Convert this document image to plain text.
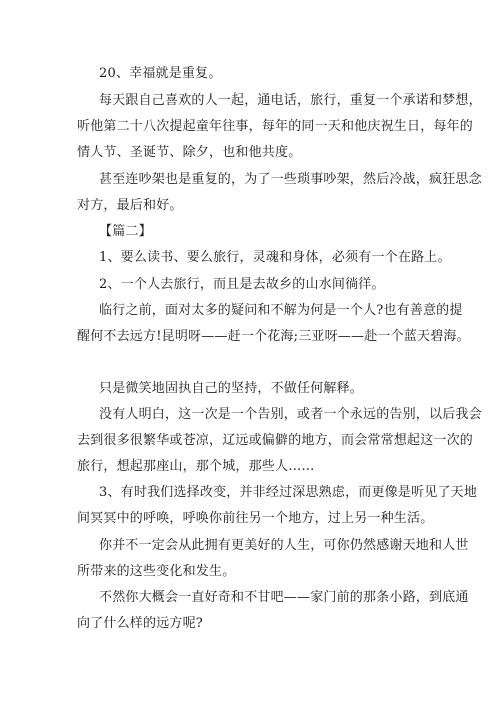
20、幸福就是重复。
每天跟自己喜欢的人一起，通电话，旅行，重复一个承诺和梦想，
听他第二十八次提起童年往事，每年的同一天和他庆祝生日，每年的
情人节、圣诞节、除夕，也和他共度。
甚至连吵架也是重复的，为了一些琐事吵架，然后冷战，疯狂思念
对方，最后和好。
【篇二】
1、要么读书、要么旅行，灵魂和身体，必须有一个在路上。
2、一个人去旅行，而且是去故乡的山水间徜徉。
临行之前，面对太多的疑问和不解为何是一个人?也有善意的提
醒何不去远方!昆明呀——赶一个花海;三亚呀——赴一个蓝天碧海。
只是微笑地固执自己的坚持，不做任何解释。
没有人明白，这一次是一个告别，或者一个永远的告别，以后我会
去到很多很繁华或苍凉，辽远或偏僻的地方，而会常常想起这一次的
旅行，想起那座山，那个城，那些人……
3、有时我们选择改变，并非经过深思熟虑，而更像是听见了天地
间冥冥中的呼唤，呼唤你前往另一个地方，过上另一种生活。
你并不一定会从此拥有更美好的人生，可你仍然感谢天地和人世
所带来的这些变化和发生。
不然你大概会一直好奇和不甘吧——家门前的那条小路，到底通
向了什么样的远方呢?
